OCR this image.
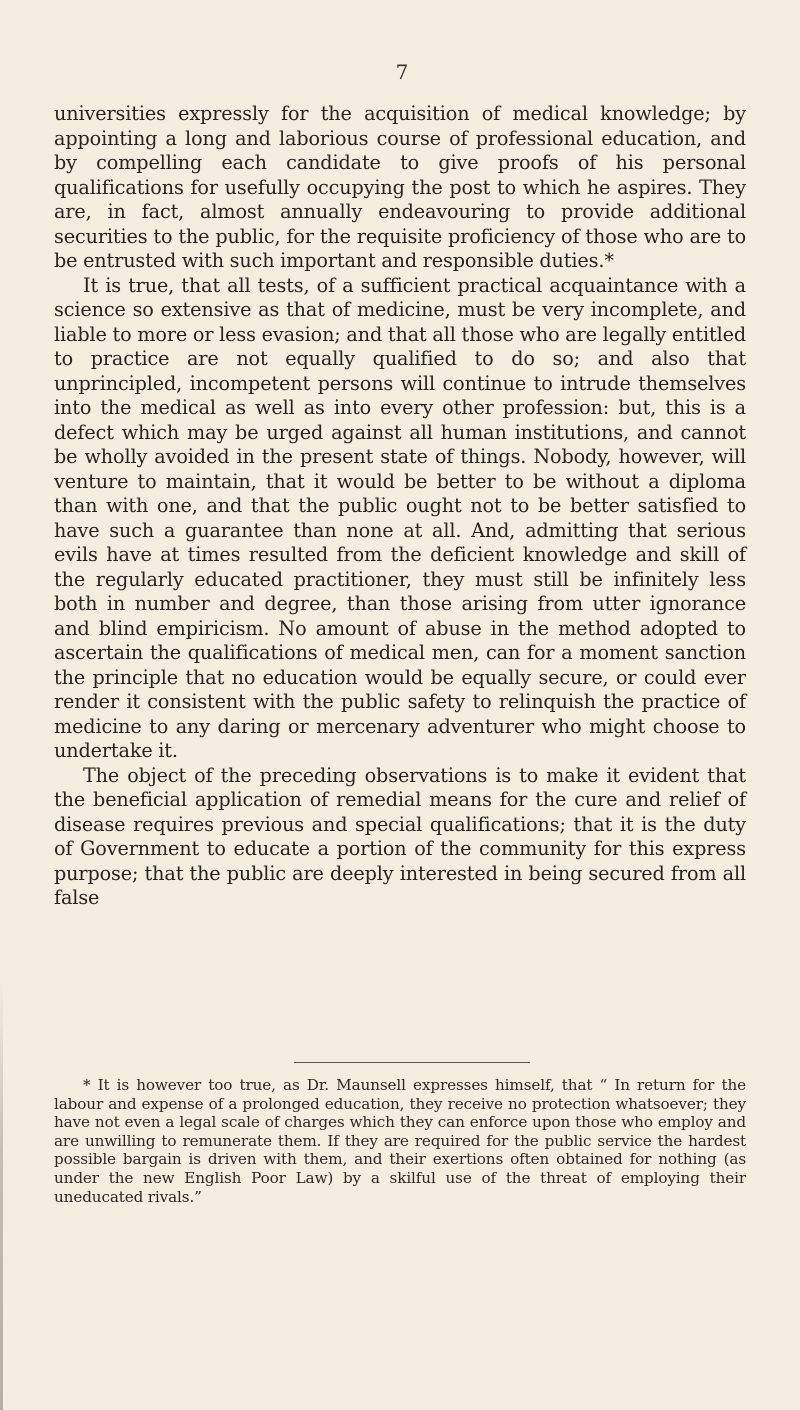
7

universities expressly for the acquisition of medical knowledge; by appointing a long and laborious course of professional education, and by compelling each candidate to give proofs of his personal qualifications for usefully occupying the post to which he aspires. They are, in fact, almost annually endeavouring to provide additional securities to the public, for the requisite proficiency of those who are to be entrusted with such important and responsible duties.*

It is true, that all tests, of a sufficient practical acquaintance with a science so extensive as that of medicine, must be very incomplete, and liable to more or less evasion; and that all those who are legally entitled to practice are not equally qualified to do so; and also that unprincipled, incompetent persons will continue to intrude themselves into the medical as well as into every other profession: but, this is a defect which may be urged against all human institutions, and cannot be wholly avoided in the present state of things. Nobody, however, will venture to maintain, that it would be better to be without a diploma than with one, and that the public ought not to be better satisfied to have such a guarantee than none at all. And, admitting that serious evils have at times resulted from the deficient knowledge and skill of the regularly educated practitioner, they must still be infinitely less both in number and degree, than those arising from utter ignorance and blind empiricism. No amount of abuse in the method adopted to ascertain the qualifications of medical men, can for a moment sanction the principle that no education would be equally secure, or could ever render it consistent with the public safety to relinquish the practice of medicine to any daring or mercenary adventurer who might choose to undertake it.

The object of the preceding observations is to make it evident that the beneficial application of remedial means for the cure and relief of disease requires previous and special qualifications; that it is the duty of Government to educate a portion of the community for this express purpose; that the public are deeply interested in being secured from all false

* It is however too true, as Dr. Maunsell expresses himself, that “ In return for the labour and expense of a prolonged education, they receive no protection whatsoever; they have not even a legal scale of charges which they can enforce upon those who employ and are unwilling to remunerate them. If they are required for the public service the hardest possible bargain is driven with them, and their exertions often obtained for nothing (as under the new English Poor Law) by a skilful use of the threat of employing their uneducated rivals.”
